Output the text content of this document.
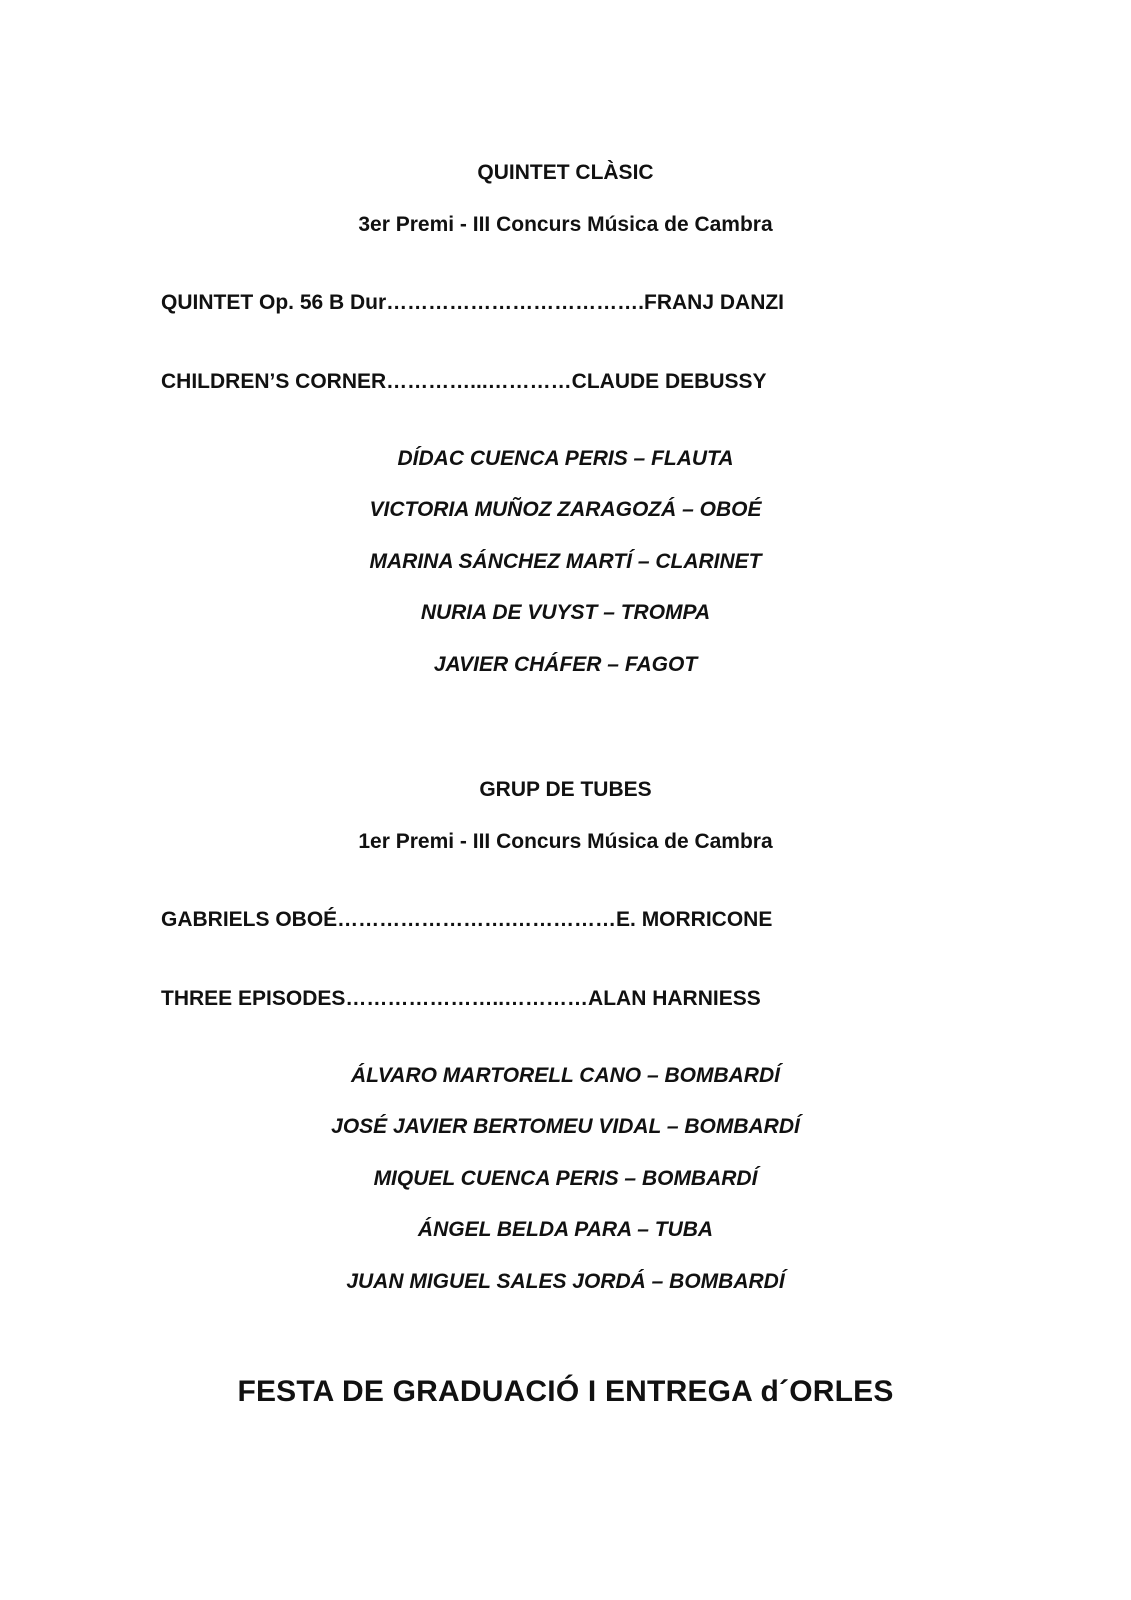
QUINTET CLÀSIC
3er Premi - III Concurs Música de Cambra
QUINTET Op. 56 B Dur……………………………….FRANJ DANZI
CHILDREN’S CORNER…………...…………CLAUDE DEBUSSY
DÍDAC CUENCA PERIS – FLAUTA
VICTORIA MUÑOZ ZARAGOZÁ – OBOÉ
MARINA SÁNCHEZ MARTÍ – CLARINET
NURIA DE VUYST – TROMPA
JAVIER CHÁFER – FAGOT
GRUP DE TUBES
1er Premi - III Concurs Música de Cambra
GABRIELS OBOÉ…………………….……………E. MORRICONE
THREE EPISODES…………………..…………ALAN HARNIESS
ÁLVARO MARTORELL CANO – BOMBARDÍ
JOSÉ JAVIER BERTOMEU VIDAL – BOMBARDÍ
MIQUEL CUENCA PERIS – BOMBARDÍ
ÁNGEL BELDA PARA – TUBA
JUAN MIGUEL SALES JORDÁ – BOMBARDÍ
FESTA DE GRADUACIÓ I ENTREGA d´ORLES
